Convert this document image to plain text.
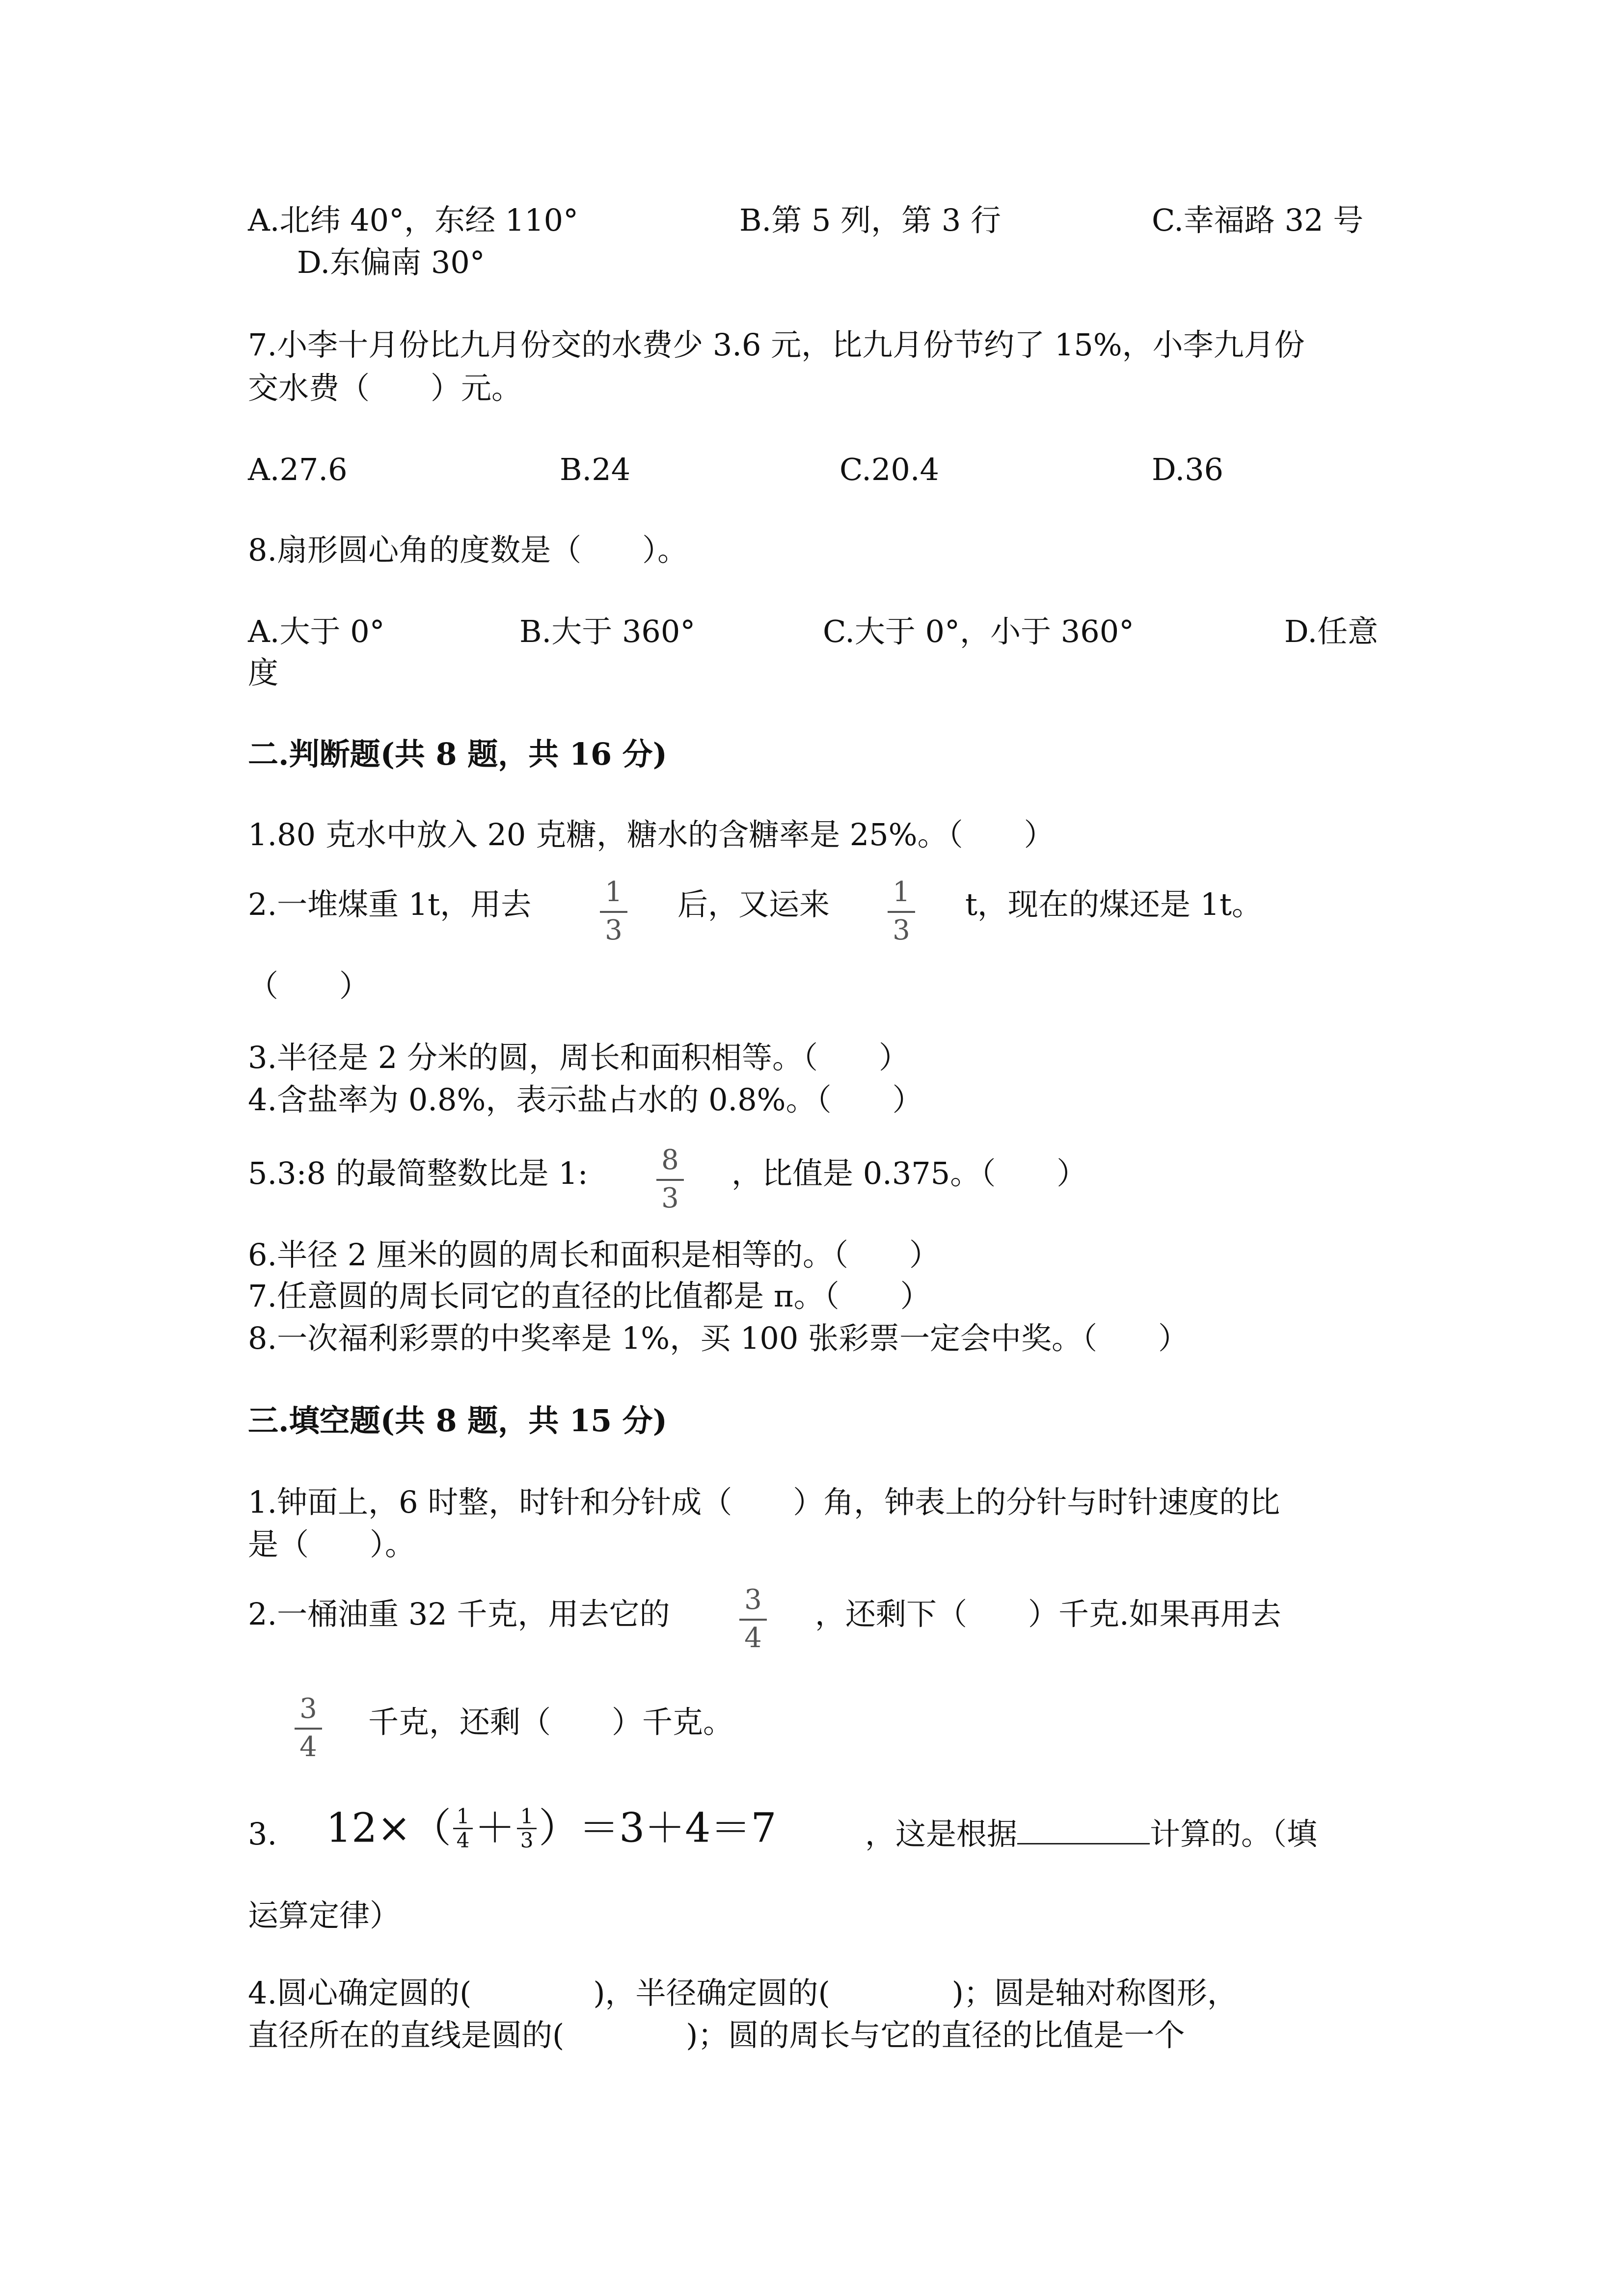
A.北纬 40°，东经 110°	B.第 5 列，第 3 行	C.幸福路 32 号
D.东偏南 30°
7.小李十月份比九月份交的水费少 3.6 元，比九月份节约了 15%，小李九月份
交水费（　　）元。
A.27.6	B.24	C.20.4	D.36
8.扇形圆心角的度数是（　　）。
A.大于 0°	B.大于 360°	C.大于 0°，小于 360°	D.任意
度
二.判断题(共 8 题，共 16 分)
1.80 克水中放入 20 克糖，糖水的含糖率是 25%。（　　）
2.一堆煤重 1t，用去	1
3
后，又运来 1
3
t，现在的煤还是 1t。
（　　）
3.半径是 2 分米的圆，周长和面积相等。（　　）
4.含盐率为 0.8%，表示盐占水的 0.8%。（　　）
5.3:8 的最简整数比是 1:	8
3
，比值是 0.375。（　　）
6.半径 2 厘米的圆的周长和面积是相等的。（　　）
7.任意圆的周长同它的直径的比值都是 π。（　　）
8.一次福利彩票的中奖率是 1%，买 100 张彩票一定会中奖。（　　）
三.填空题(共 8 题，共 15 分)
1.钟面上，6 时整，时针和分针成（　　）角，钟表上的分针与时针速度的比
是（　　）。
2.一桶油重 32 千克，用去它的	3
4
，还剩下（　　）千克.如果再用去
3
4
千克，还剩（　　）千克。
3. $12\times(\frac{1}{4}+\frac{1}{3})=3+4=7$	，这是根据	计算的。（填
运算定律）
4.圆心确定圆的(　　　　)，半径确定圆的(　　　　)；圆是轴对称图形，
直径所在的直线是圆的(　　　　)；圆的周长与它的直径的比值是一个
